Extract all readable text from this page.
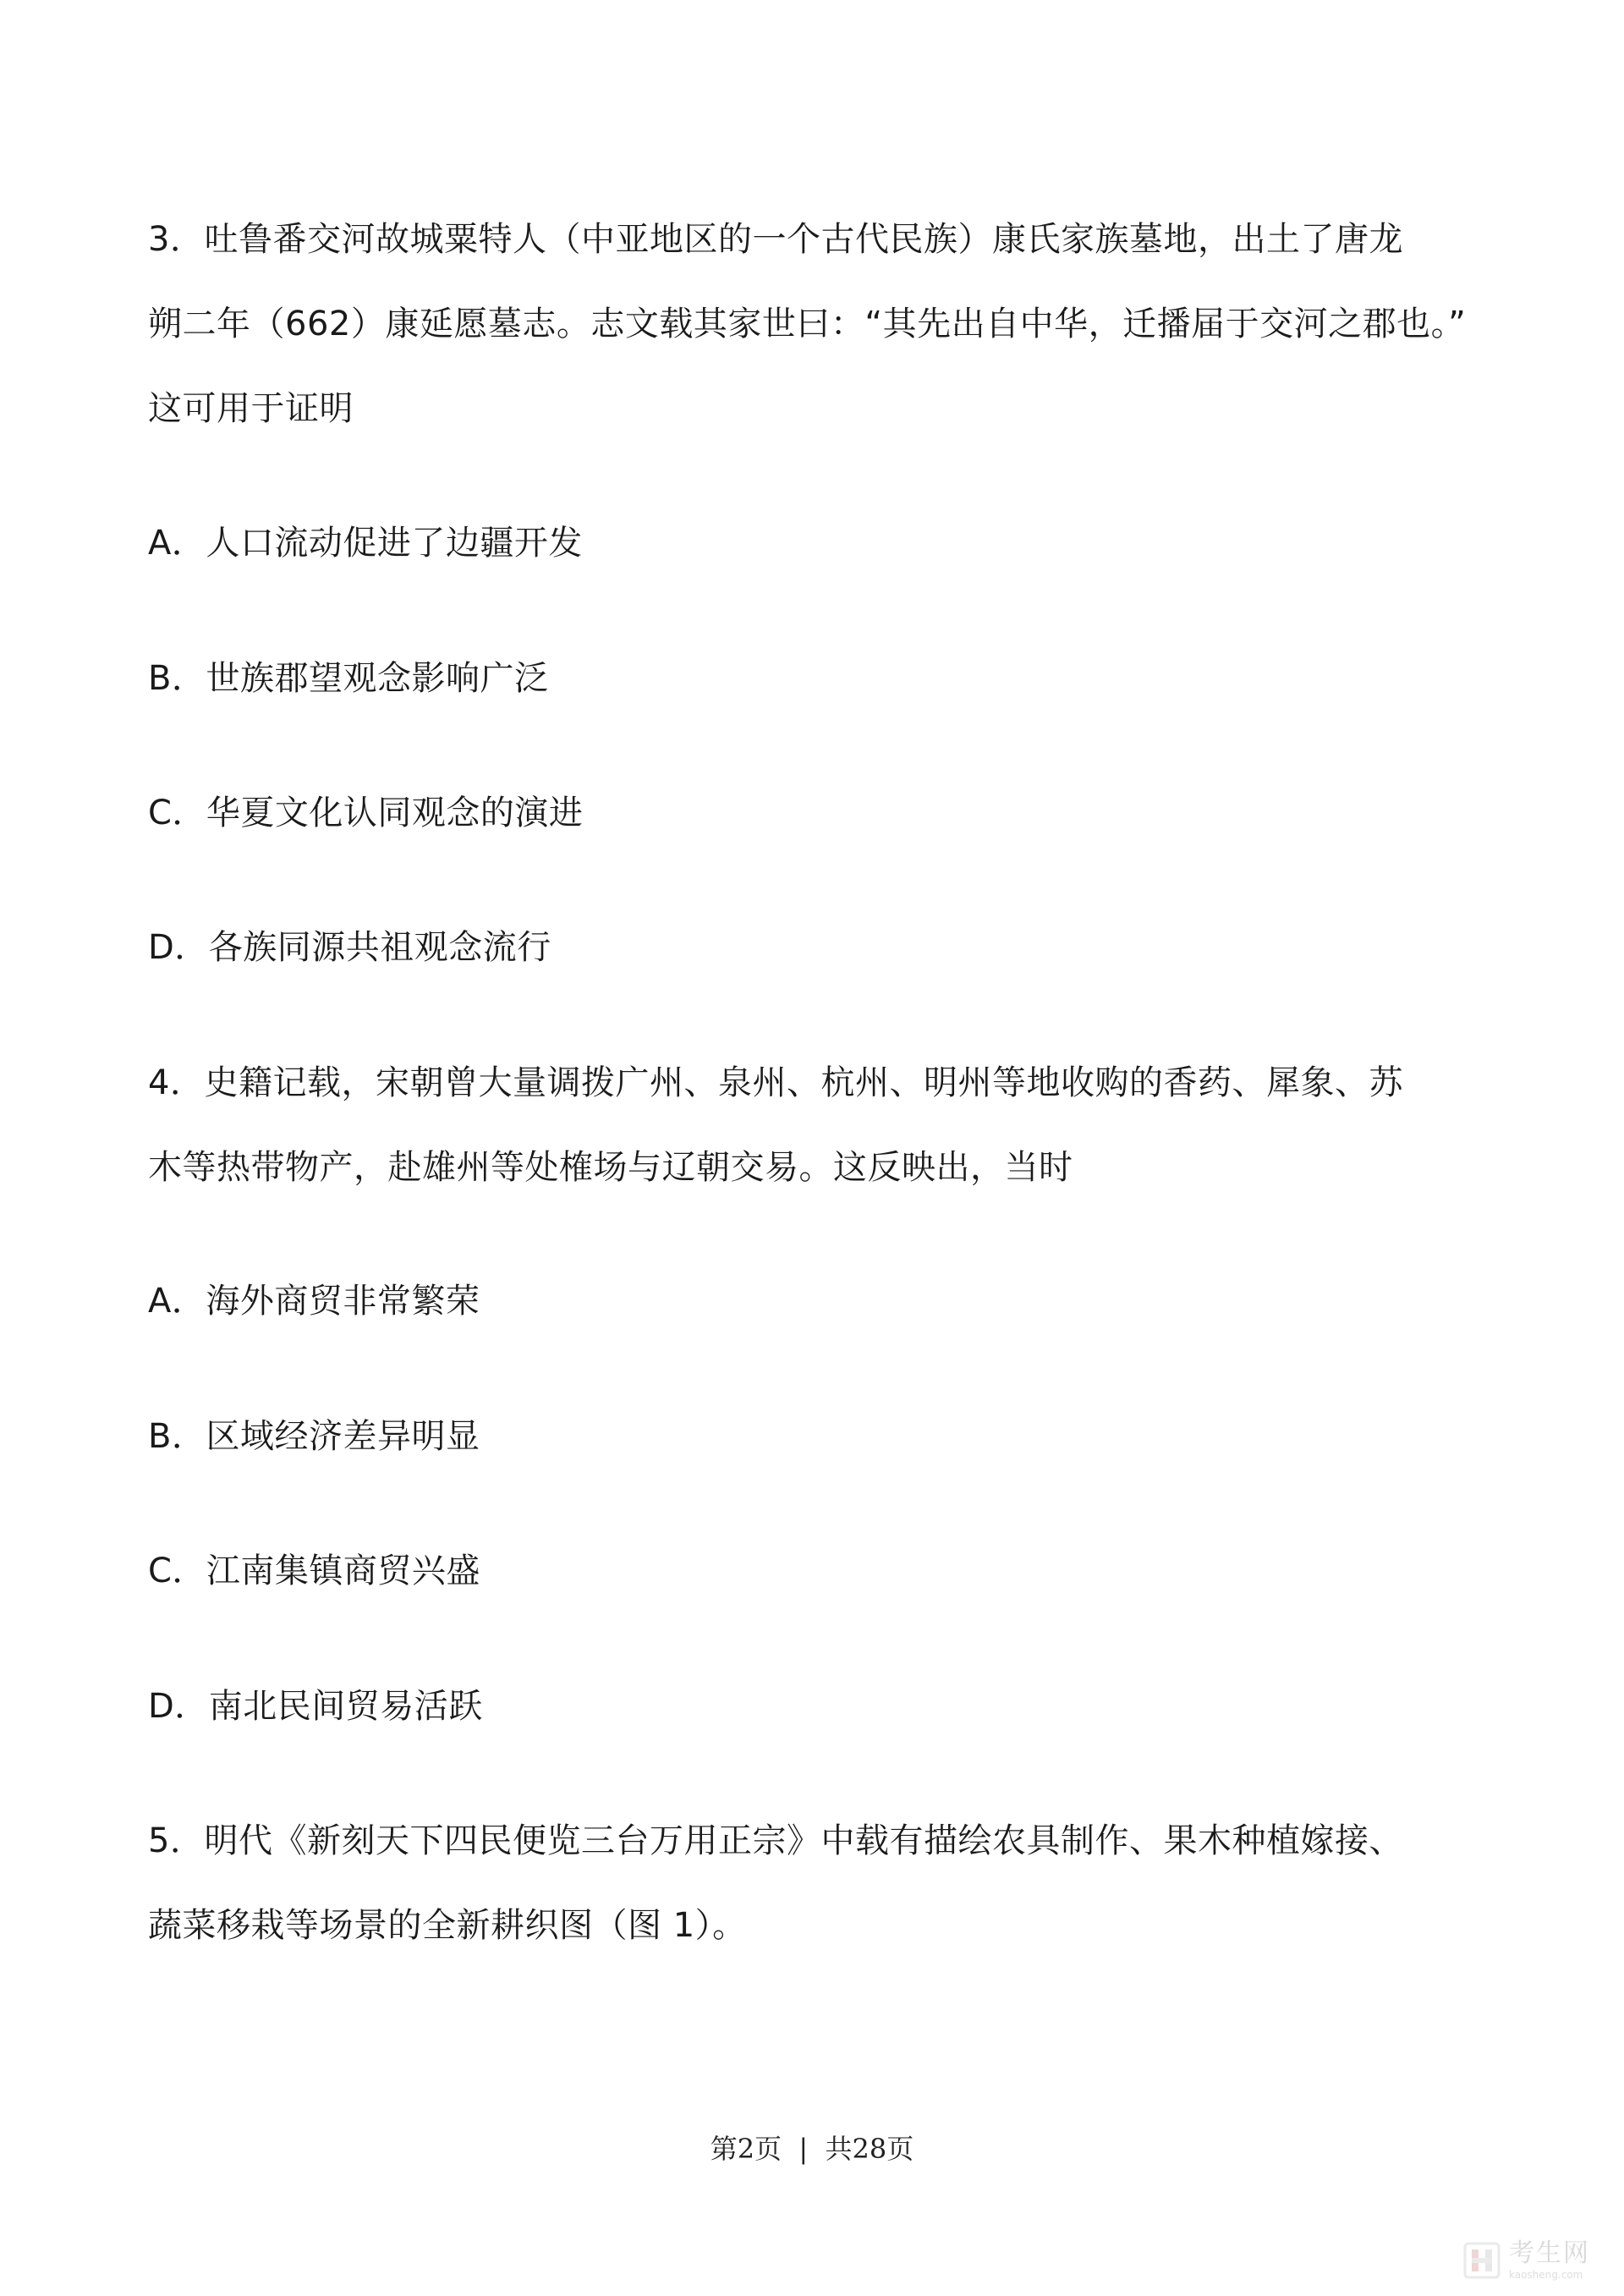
3．吐鲁番交河故城粟特人（中亚地区的一个古代民族）康氏家族墓地，出土了唐龙
朔二年（662）康延愿墓志。志文载其家世曰：“其先出自中华，迁播届于交河之郡也。”
这可用于证明
A．人口流动促进了边疆开发
B．世族郡望观念影响广泛
C．华夏文化认同观念的演进
D．各族同源共祖观念流行
4．史籍记载，宋朝曾大量调拨广州、泉州、杭州、明州等地收购的香药、犀象、苏
木等热带物产，赴雄州等处榷场与辽朝交易。这反映出，当时
A．海外商贸非常繁荣
B．区域经济差异明显
C．江南集镇商贸兴盛
D．南北民间贸易活跃
5．明代《新刻天下四民便览三台万用正宗》中载有描绘农具制作、果木种植嫁接、
蔬菜移栽等场景的全新耕织图（图 1）。
第2页  |  共28页
考生网
kaosheng.com
